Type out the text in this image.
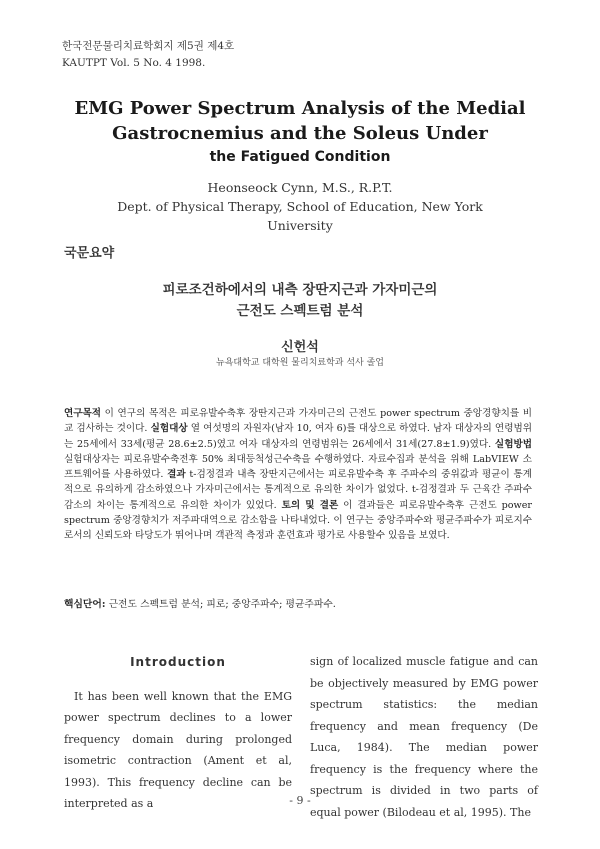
한국전문물리치료학회지 제5권 제4호
KAUTPT Vol. 5 No. 4 1998.
EMG Power Spectrum Analysis of the Medial
Gastrocnemius and the Soleus Under
the Fatigued Condition
Heonseock Cynn, M.S., R.P.T.
Dept. of Physical Therapy, School of Education, New York
University
국문요약
피로조건하에서의 내측 장딴지근과 가자미근의
근전도 스펙트럼 분석
신헌석
뉴욕대학교 대학원 물리치료학과 석사 졸업
연구목적 이 연구의 목적은 피로유발수축후 장딴지근과 가자미근의 근전도 power spectrum 중앙경향치를 비교 검사하는 것이다. 실험대상 열 여섯명의 자원자(남자 10, 여자 6)를 대상으로 하였다. 남자 대상자의 연령범위는 25세에서 33세(평균 28.6±2.5)였고 여자 대상자의 연령범위는 26세에서 31세(27.8±1.9)였다. 실험방법 실험대상자는 피로유발수축전후 50% 최대등척성근수축을 수행하였다. 자료수집과 분석을 위해 LabVIEW 소프트웨어를 사용하였다. 결과 t-검정결과 내측 장딴지근에서는 피로유발수축 후 주파수의 중위값과 평균이 통계적으로 유의하게 감소하였으나 가자미근에서는 통계적으로 유의한 차이가 없었다. t-검정결과 두 근육간 주파수 감소의 차이는 통계적으로 유의한 차이가 있었다. 토의 및 결론 이 결과들은 피로유발수축후 근전도 power spectrum 중앙경향치가 저주파대역으로 감소함을 나타내었다. 이 연구는 중앙주파수와 평균주파수가 피로지수로서의 신뢰도와 타당도가 뛰어나며 객관적 측정과 훈련효과 평가로 사용할수 있음을 보였다.
핵심단어: 근전도 스펙트럼 분석; 피로; 중앙주파수; 평균주파수.
Introduction
It has been well known that the EMG power spectrum declines to a lower frequency domain during prolonged isometric contraction (Ament et al, 1993). This frequency decline can be interpreted as a
sign of localized muscle fatigue and can be objectively measured by EMG power spectrum statistics: the median frequency and mean frequency (De Luca, 1984). The median power frequency is the frequency where the spectrum is divided in two parts of equal power (Bilodeau et al, 1995). The
- 9 -
